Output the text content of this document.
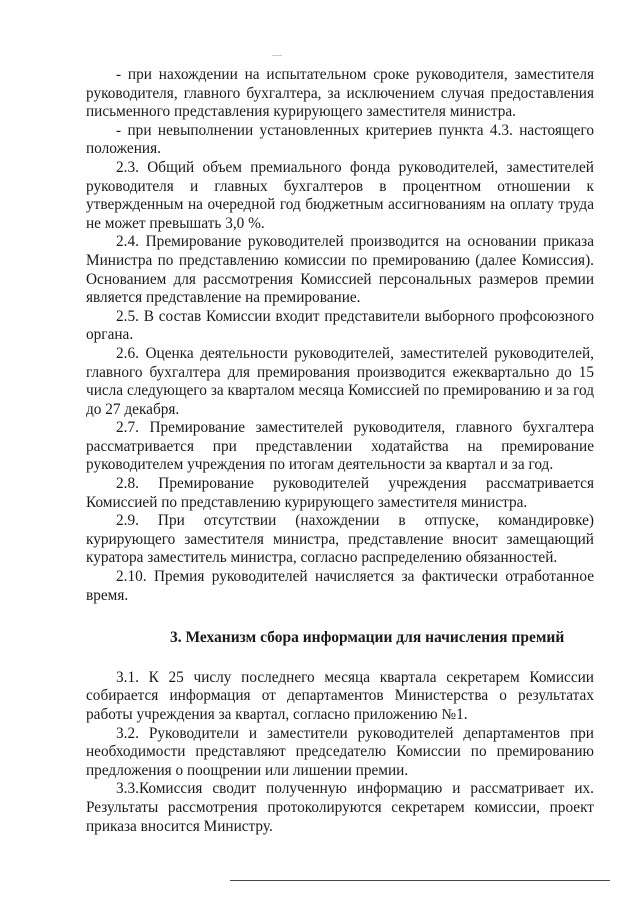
- при нахождении на испытательном сроке руководителя, заместителя руководителя, главного бухгалтера, за исключением случая предоставления письменного представления курирующего заместителя министра.

- при невыполнении установленных критериев пункта 4.3. настоящего положения.

2.3. Общий объем премиального фонда руководителей, заместителей руководителя и главных бухгалтеров в процентном отношении к утвержденным на очередной год бюджетным ассигнованиям на оплату труда не может превышать 3,0 %.

2.4. Премирование руководителей производится на основании приказа Министра по представлению комиссии по премированию (далее Комиссия). Основанием для рассмотрения Комиссией персональных размеров премии является представление на премирование.

2.5. В состав Комиссии входит представители выборного профсоюзного органа.

2.6. Оценка деятельности руководителей, заместителей руководителей, главного бухгалтера для премирования производится ежеквартально до 15 числа следующего за кварталом месяца Комиссией по премированию и за год до 27 декабря.

2.7. Премирование заместителей руководителя, главного бухгалтера рассматривается при представлении ходатайства на премирование руководителем учреждения по итогам деятельности за квартал и за год.

2.8. Премирование руководителей учреждения рассматривается Комиссией по представлению курирующего заместителя министра.

2.9. При отсутствии (нахождении в отпуске, командировке) курирующего заместителя министра, представление вносит замещающий куратора заместитель министра, согласно распределению обязанностей.

2.10. Премия руководителей начисляется за фактически отработанное время.

3. Механизм сбора информации для начисления премий

3.1. К 25 числу последнего месяца квартала секретарем Комиссии собирается информация от департаментов Министерства о результатах работы учреждения за квартал, согласно приложению №1.

3.2. Руководители и заместители руководителей департаментов при необходимости представляют председателю Комиссии по премированию предложения о поощрении или лишении премии.

3.3.Комиссия сводит полученную информацию и рассматривает их. Результаты рассмотрения протоколируются секретарем комиссии, проект приказа вносится Министру.
